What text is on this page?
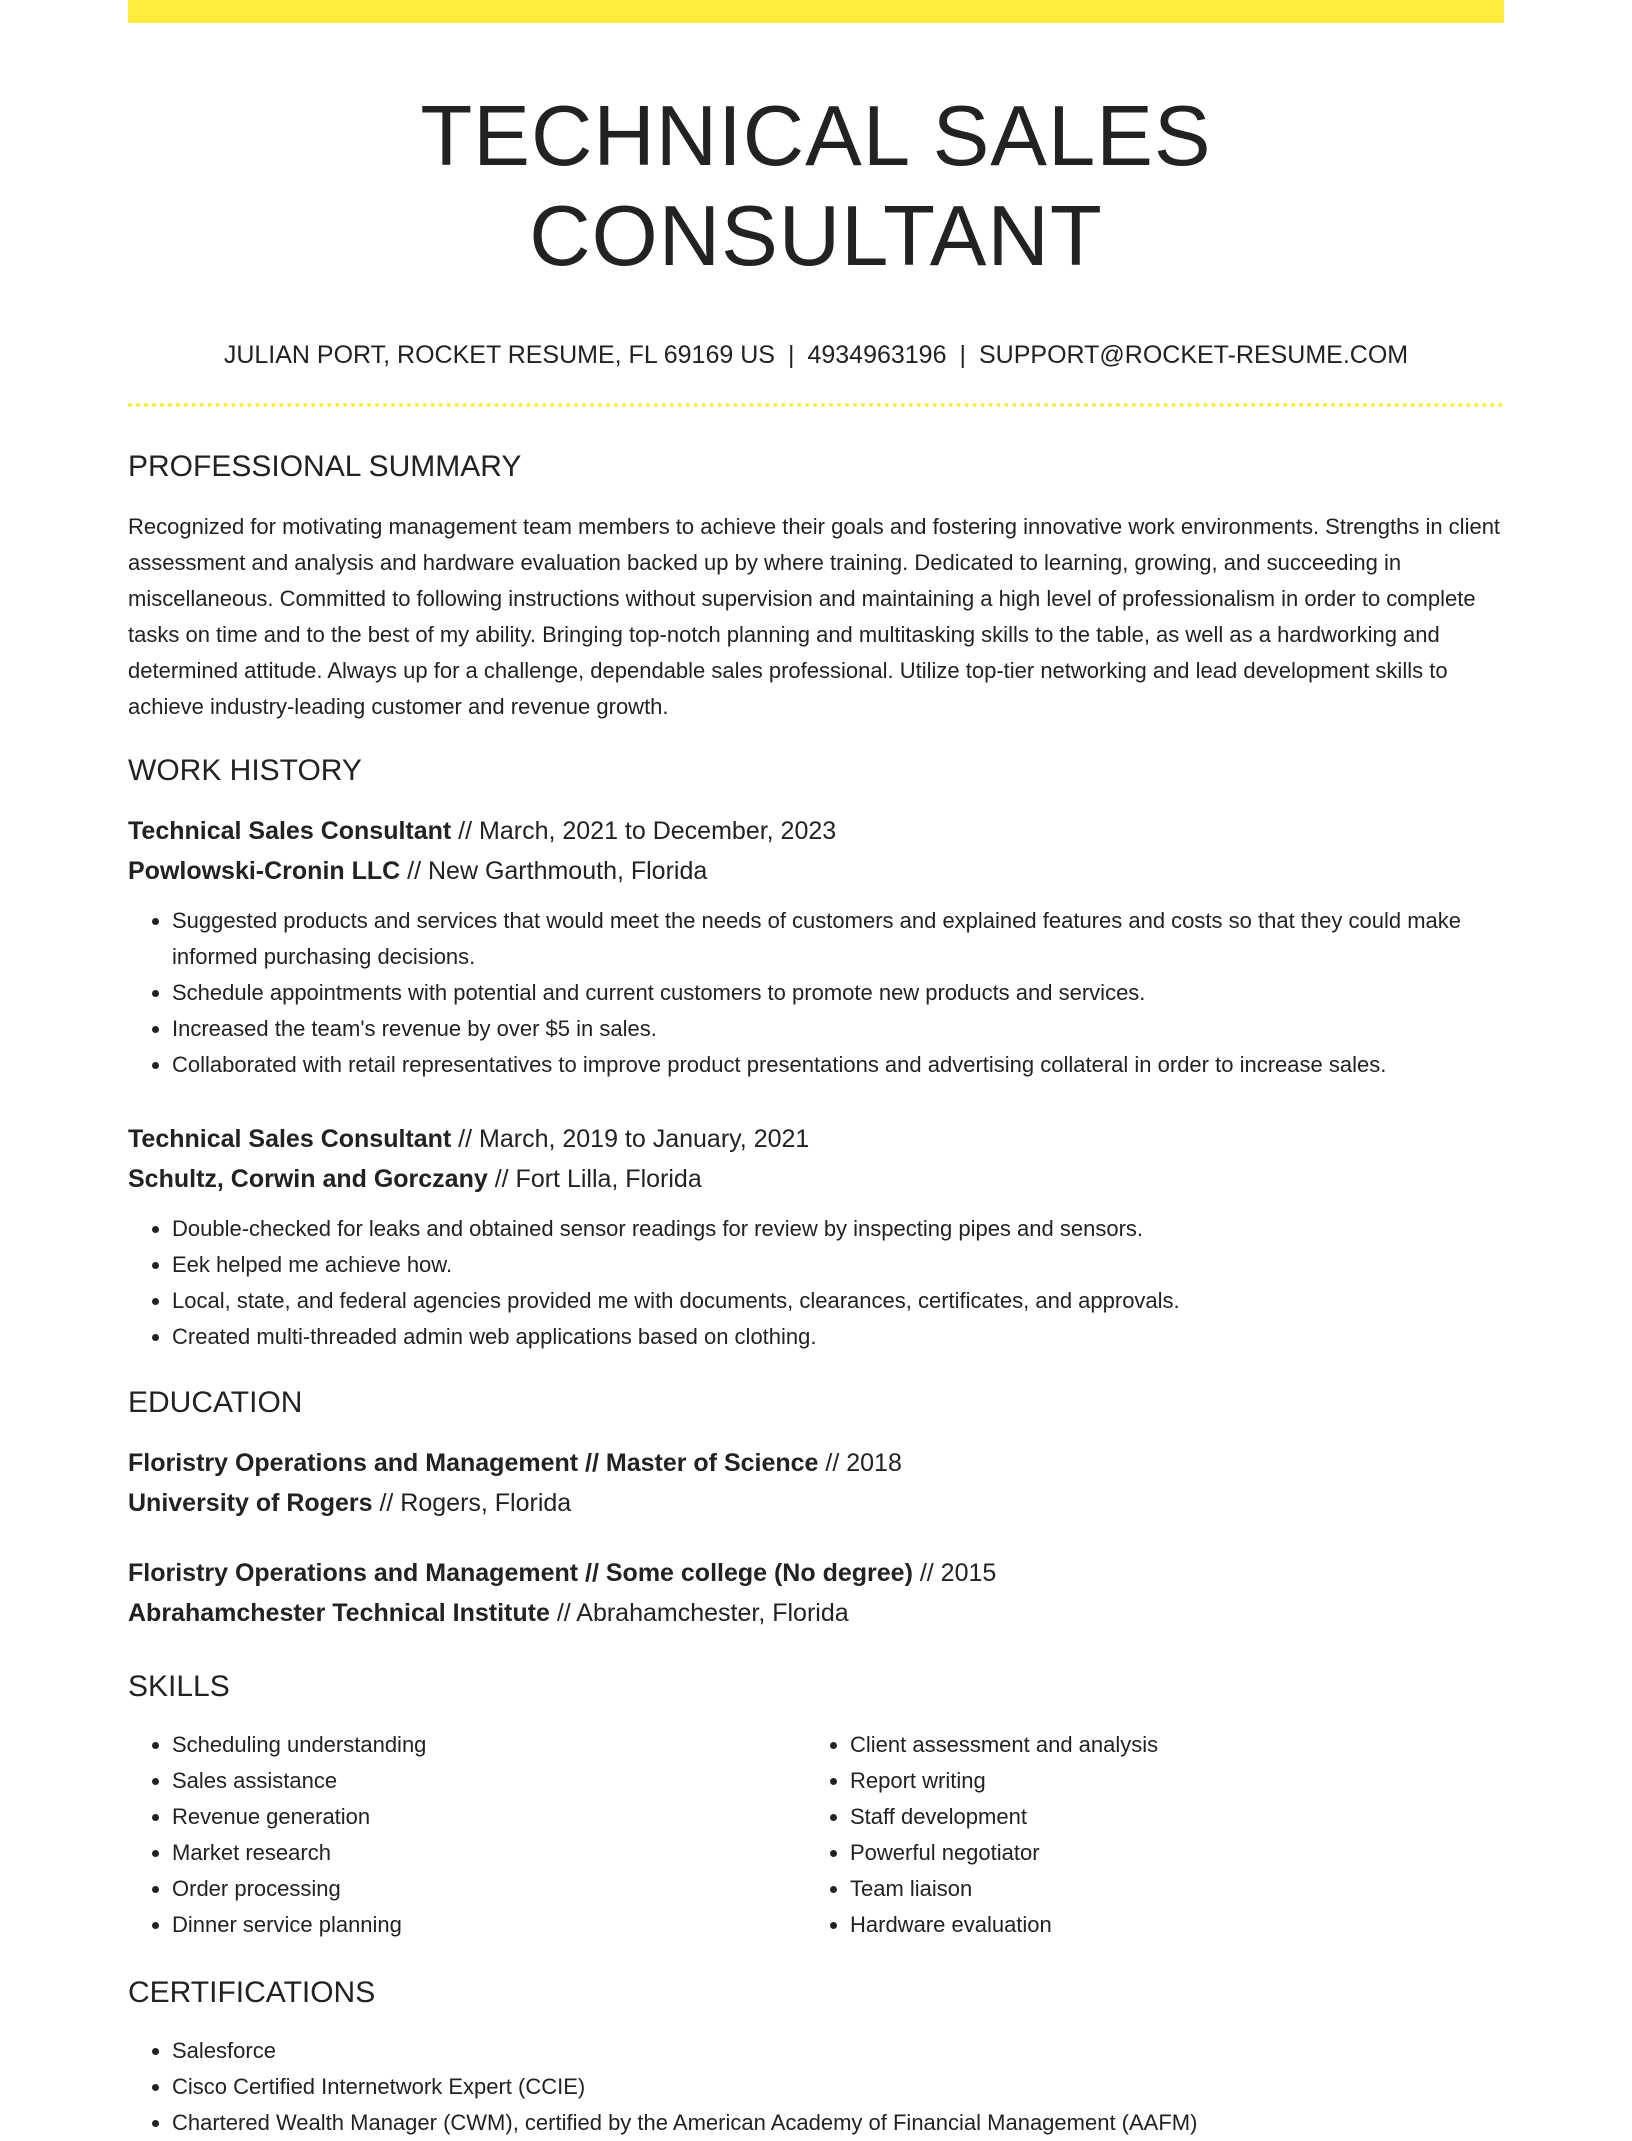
TECHNICAL SALES CONSULTANT
JULIAN PORT, ROCKET RESUME, FL 69169 US | 4934963196 | SUPPORT@ROCKET-RESUME.COM
PROFESSIONAL SUMMARY
Recognized for motivating management team members to achieve their goals and fostering innovative work environments. Strengths in client assessment and analysis and hardware evaluation backed up by where training. Dedicated to learning, growing, and succeeding in miscellaneous. Committed to following instructions without supervision and maintaining a high level of professionalism in order to complete tasks on time and to the best of my ability. Bringing top-notch planning and multitasking skills to the table, as well as a hardworking and determined attitude. Always up for a challenge, dependable sales professional. Utilize top-tier networking and lead development skills to achieve industry-leading customer and revenue growth.
WORK HISTORY
Technical Sales Consultant // March, 2021 to December, 2023
Powlowski-Cronin LLC // New Garthmouth, Florida
• Suggested products and services that would meet the needs of customers and explained features and costs so that they could make informed purchasing decisions.
• Schedule appointments with potential and current customers to promote new products and services.
• Increased the team's revenue by over $5 in sales.
• Collaborated with retail representatives to improve product presentations and advertising collateral in order to increase sales.
Technical Sales Consultant // March, 2019 to January, 2021
Schultz, Corwin and Gorczany // Fort Lilla, Florida
• Double-checked for leaks and obtained sensor readings for review by inspecting pipes and sensors.
• Eek helped me achieve how.
• Local, state, and federal agencies provided me with documents, clearances, certificates, and approvals.
• Created multi-threaded admin web applications based on clothing.
EDUCATION
Floristry Operations and Management // Master of Science // 2018
University of Rogers // Rogers, Florida
Floristry Operations and Management // Some college (No degree) // 2015
Abrahamchester Technical Institute // Abrahamchester, Florida
SKILLS
• Scheduling understanding
• Sales assistance
• Revenue generation
• Market research
• Order processing
• Dinner service planning
• Client assessment and analysis
• Report writing
• Staff development
• Powerful negotiator
• Team liaison
• Hardware evaluation
CERTIFICATIONS
• Salesforce
• Cisco Certified Internetwork Expert (CCIE)
• Chartered Wealth Manager (CWM), certified by the American Academy of Financial Management (AAFM)
